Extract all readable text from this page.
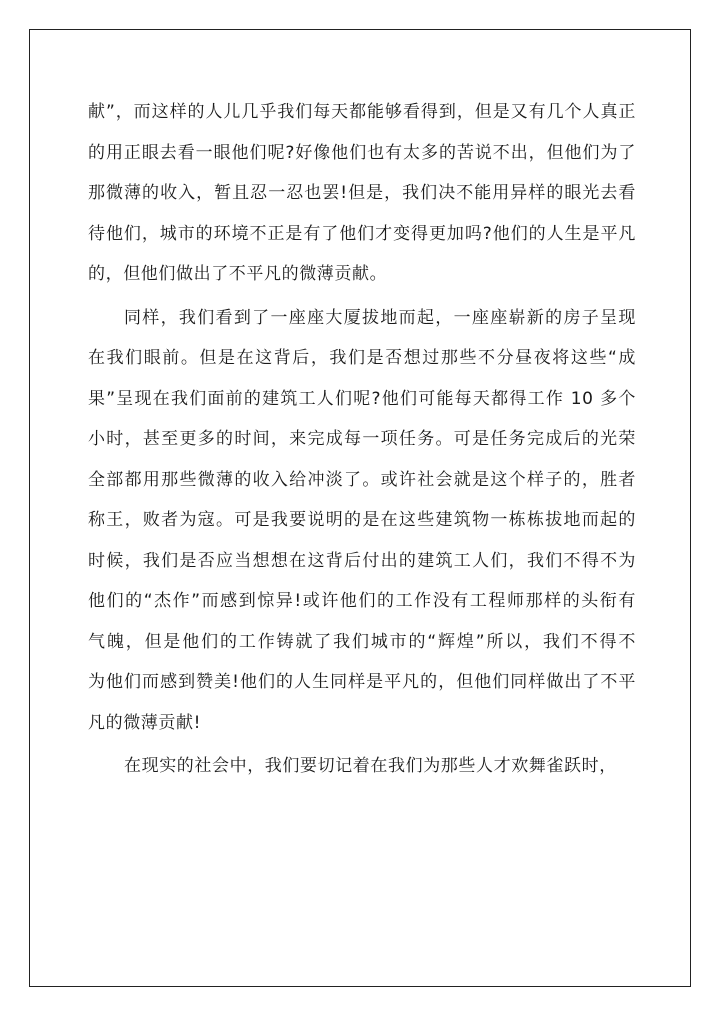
献”，而这样的人儿几乎我们每天都能够看得到，但是又有几个人真正
的用正眼去看一眼他们呢?好像他们也有太多的苦说不出，但他们为了
那微薄的收入，暂且忍一忍也罢!但是，我们决不能用异样的眼光去看
待他们，城市的环境不正是有了他们才变得更加吗?他们的人生是平凡
的，但他们做出了不平凡的微薄贡献。
同样，我们看到了一座座大厦拔地而起，一座座崭新的房子呈现
在我们眼前。但是在这背后，我们是否想过那些不分昼夜将这些“成
果”呈现在我们面前的建筑工人们呢?他们可能每天都得工作 10 多个
小时，甚至更多的时间，来完成每一项任务。可是任务完成后的光荣
全部都用那些微薄的收入给冲淡了。或许社会就是这个样子的，胜者
称王，败者为寇。可是我要说明的是在这些建筑物一栋栋拔地而起的
时候，我们是否应当想想在这背后付出的建筑工人们，我们不得不为
他们的“杰作”而感到惊异!或许他们的工作没有工程师那样的头衔有
气魄，但是他们的工作铸就了我们城市的“辉煌”所以，我们不得不
为他们而感到赞美!他们的人生同样是平凡的，但他们同样做出了不平
凡的微薄贡献!
在现实的社会中，我们要切记着在我们为那些人才欢舞雀跃时，
